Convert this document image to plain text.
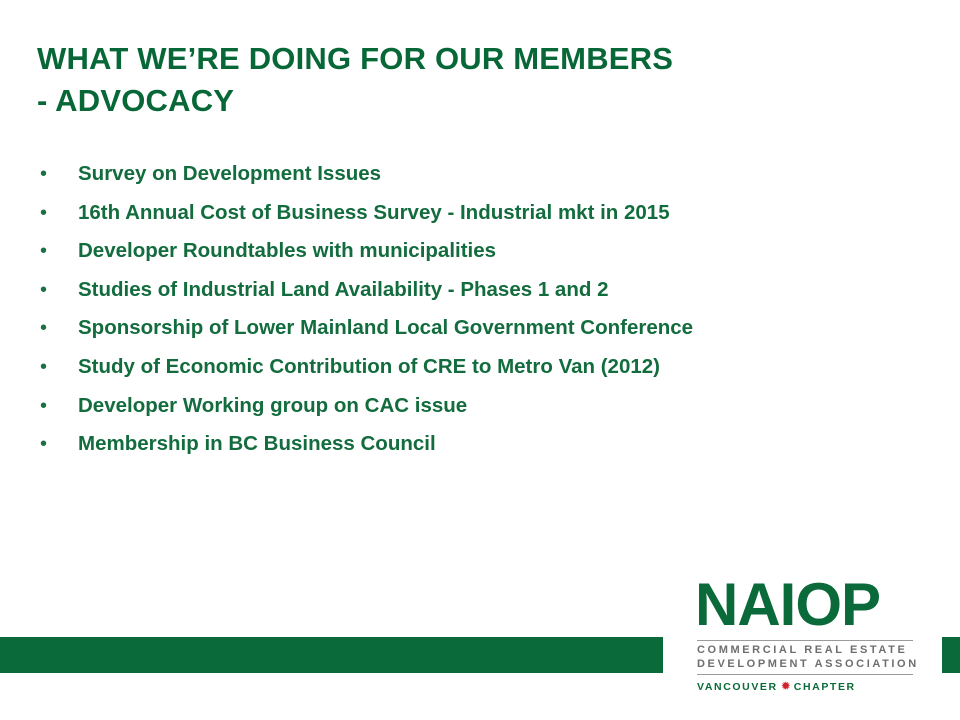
WHAT WE’RE DOING FOR OUR MEMBERS
- ADVOCACY
• Survey on Development Issues
• 16th Annual Cost of Business Survey - Industrial mkt in 2015
• Developer Roundtables with municipalities
• Studies of Industrial Land Availability - Phases 1 and 2
• Sponsorship of Lower Mainland Local Government Conference
• Study of Economic Contribution of CRE to Metro Van (2012)
• Developer Working group on CAC issue
• Membership in BC Business Council

NAIOP

COMMERCIAL REAL ESTATE

DEVELOPMENT ASSOCIATION

VANCOUVER ✹ CHAPTER
